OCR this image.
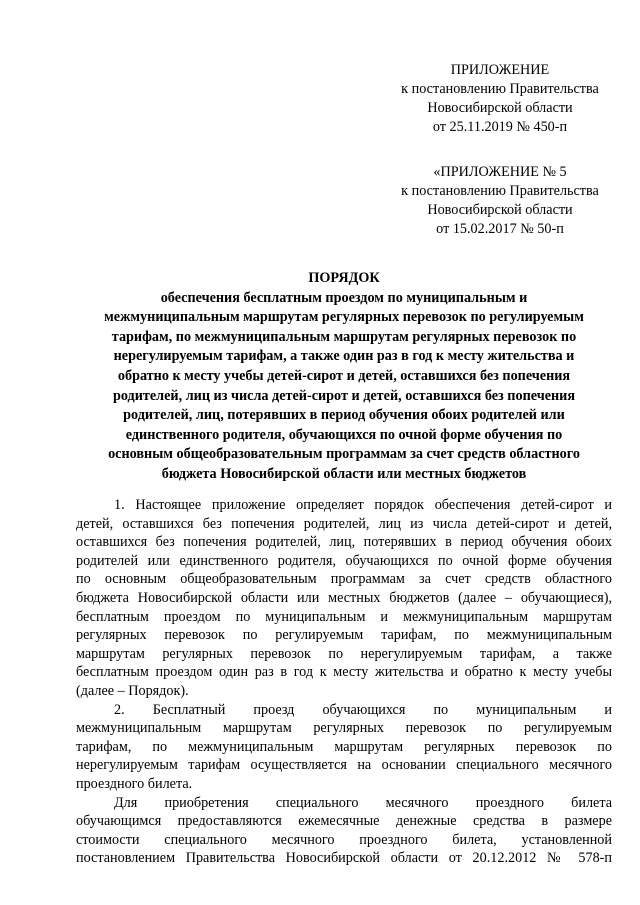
ПРИЛОЖЕНИЕ
к постановлению Правительства
Новосибирской области
от 25.11.2019 № 450-п
«ПРИЛОЖЕНИЕ № 5
к постановлению Правительства
Новосибирской области
от 15.02.2017 № 50-п
ПОРЯДОК
обеспечения бесплатным проездом по муниципальным и
межмуниципальным маршрутам регулярных перевозок по регулируемым
тарифам, по межмуниципальным маршрутам регулярных перевозок по
нерегулируемым тарифам, а также один раз в год к месту жительства и
обратно к месту учебы детей-сирот и детей, оставшихся без попечения
родителей, лиц из числа детей-сирот и детей, оставшихся без попечения
родителей, лиц, потерявших в период обучения обоих родителей или
единственного родителя, обучающихся по очной форме обучения по
основным общеобразовательным программам за счет средств областного
бюджета Новосибирской области или местных бюджетов
1. Настоящее приложение определяет порядок обеспечения детей-сирот и
детей, оставшихся без попечения родителей, лиц из числа детей-сирот и детей,
оставшихся без попечения родителей, лиц, потерявших в период обучения обоих
родителей или единственного родителя, обучающихся по очной форме обучения
по основным общеобразовательным программам за счет средств областного
бюджета Новосибирской области или местных бюджетов (далее – обучающиеся),
бесплатным проездом по муниципальным и межмуниципальным маршрутам
регулярных перевозок по регулируемым тарифам, по межмуниципальным
маршрутам регулярных перевозок по нерегулируемым тарифам, а также
бесплатным проездом один раз в год к месту жительства и обратно к месту учебы
(далее – Порядок).
2. Бесплатный проезд обучающихся по муниципальным и
межмуниципальным маршрутам регулярных перевозок по регулируемым
тарифам, по межмуниципальным маршрутам регулярных перевозок по
нерегулируемым тарифам осуществляется на основании специального месячного
проездного билета.
Для приобретения специального месячного проездного билета
обучающимся предоставляются ежемесячные денежные средства в размере
стоимости специального месячного проездного билета, установленной
постановлением Правительства Новосибирской области от 20.12.2012 № 578-п
